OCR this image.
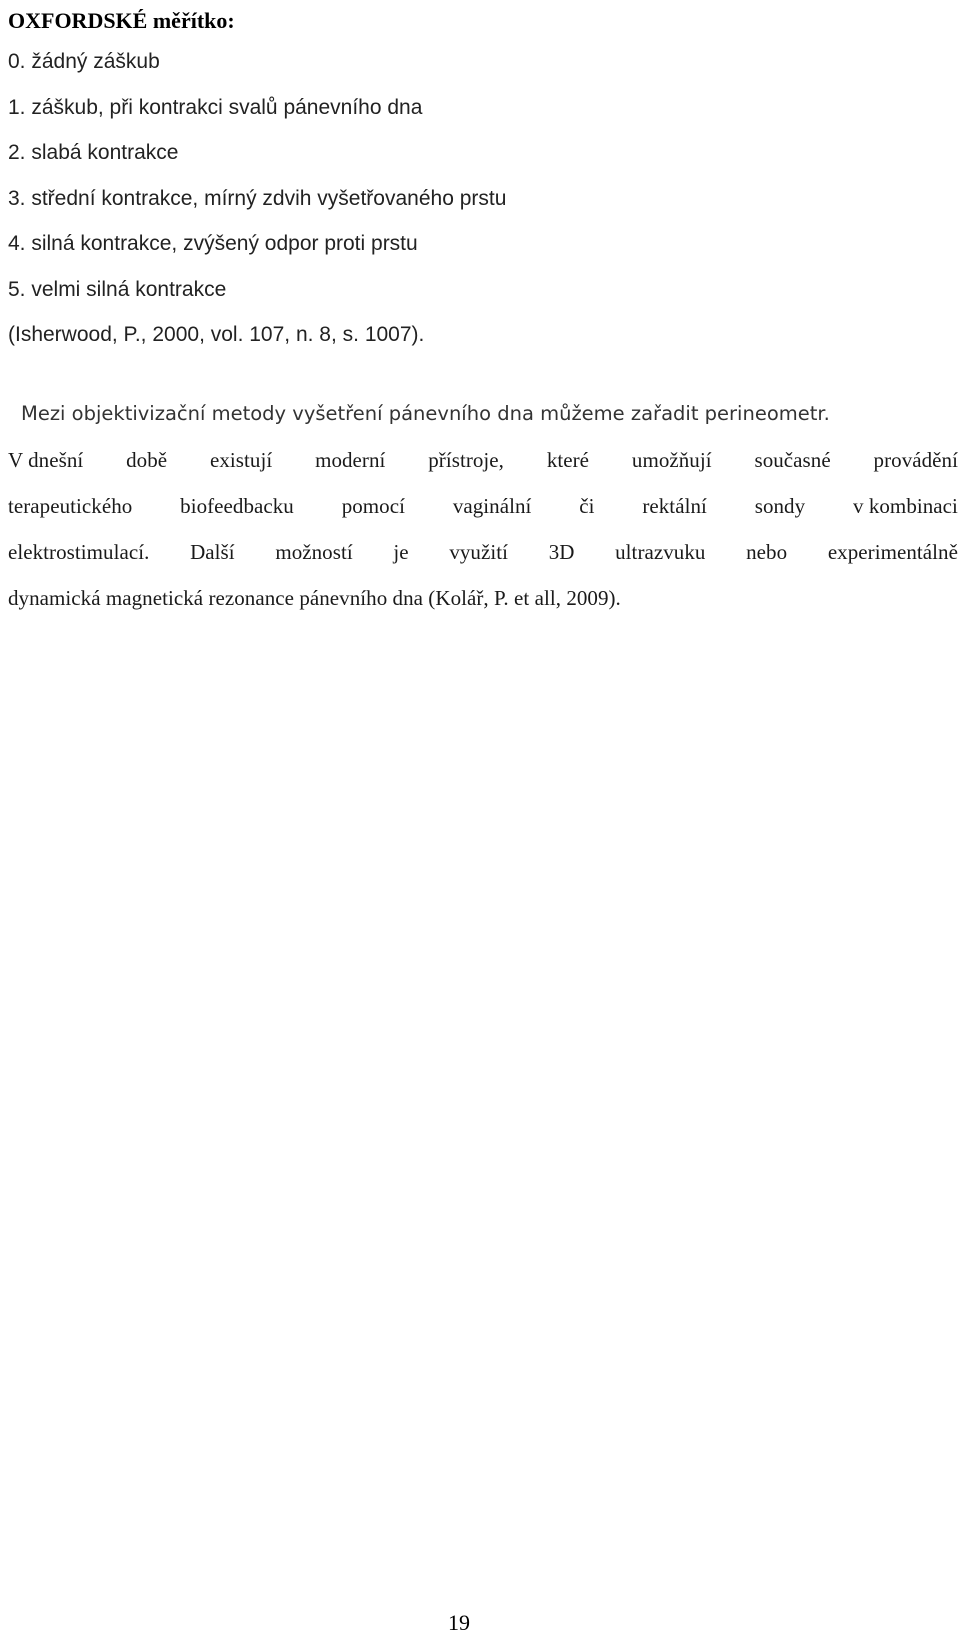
OXFORDSKÉ měřítko:
0. žádný záškub
1. záškub, při kontrakci svalů pánevního dna
2. slabá kontrakce
3. střední kontrakce, mírný zdvih vyšetřovaného prstu
4. silná kontrakce, zvýšený odpor proti prstu
5. velmi silná kontrakce
(Isherwood, P., 2000, vol. 107, n. 8, s. 1007).
Mezi objektivizační metody vyšetření pánevního dna můžeme zařadit perineometr.
V dnešní době existují moderní přístroje, které umožňují současné provádění
terapeutického biofeedbacku pomocí vaginální či rektální sondy v kombinaci
elektrostimulací. Další možností je využití 3D ultrazvuku nebo experimentálně
dynamická magnetická rezonance pánevního dna (Kolář, P. et all, 2009).
19
